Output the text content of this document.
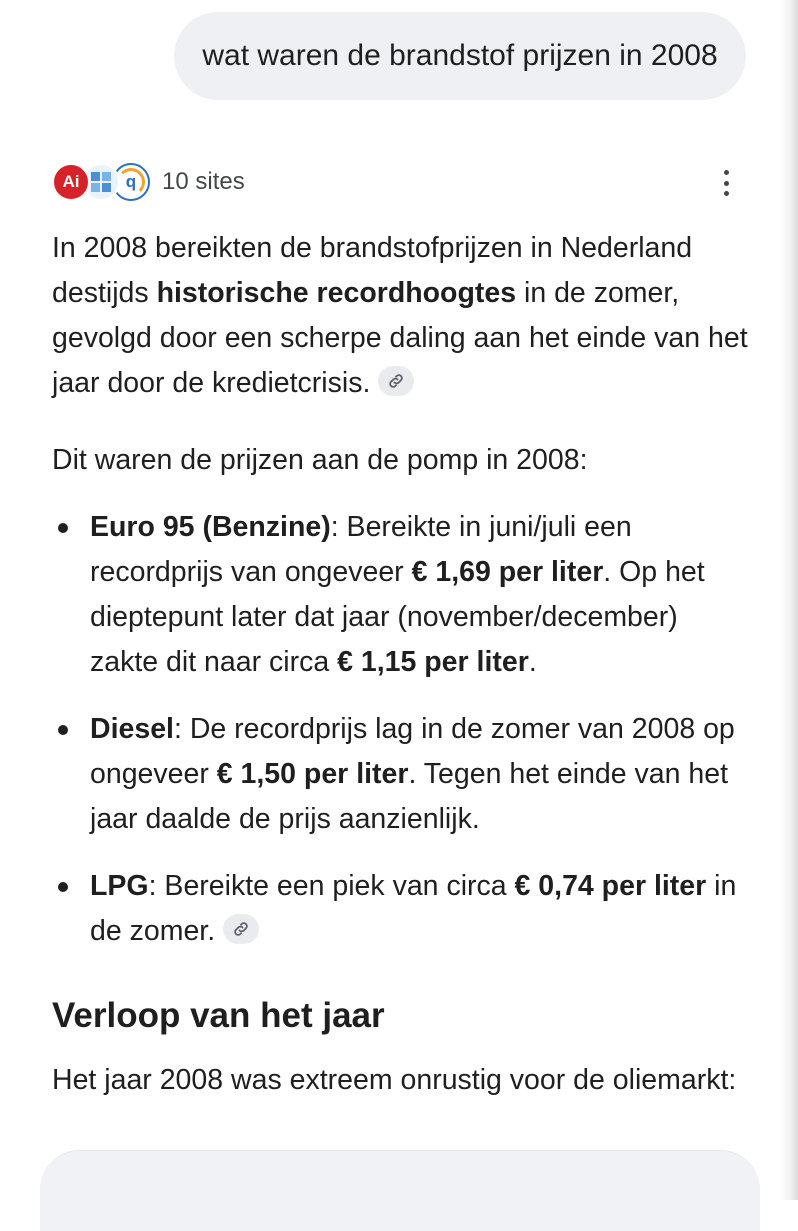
wat waren de brandstof prijzen in 2008
Ai	q 10 sites

In 2008 bereikten de brandstofprijzen in Nederland destijds historische recordhoogtes in de zomer, gevolgd door een scherpe daling aan het einde van het jaar door de kredietcrisis.

Dit waren de prijzen aan de pomp in 2008:

Euro 95 (Benzine): Bereikte in juni/juli een recordprijs van ongeveer € 1,69 per liter. Op het dieptepunt later dat jaar (november/december) zakte dit naar circa € 1,15 per liter.
Diesel: De recordprijs lag in de zomer van 2008 op ongeveer € 1,50 per liter. Tegen het einde van het jaar daalde de prijs aanzienlijk.
LPG: Bereikte een piek van circa € 0,74 per liter in de zomer.
Verloop van het jaar

Het jaar 2008 was extreem onrustig voor de oliemarkt:
